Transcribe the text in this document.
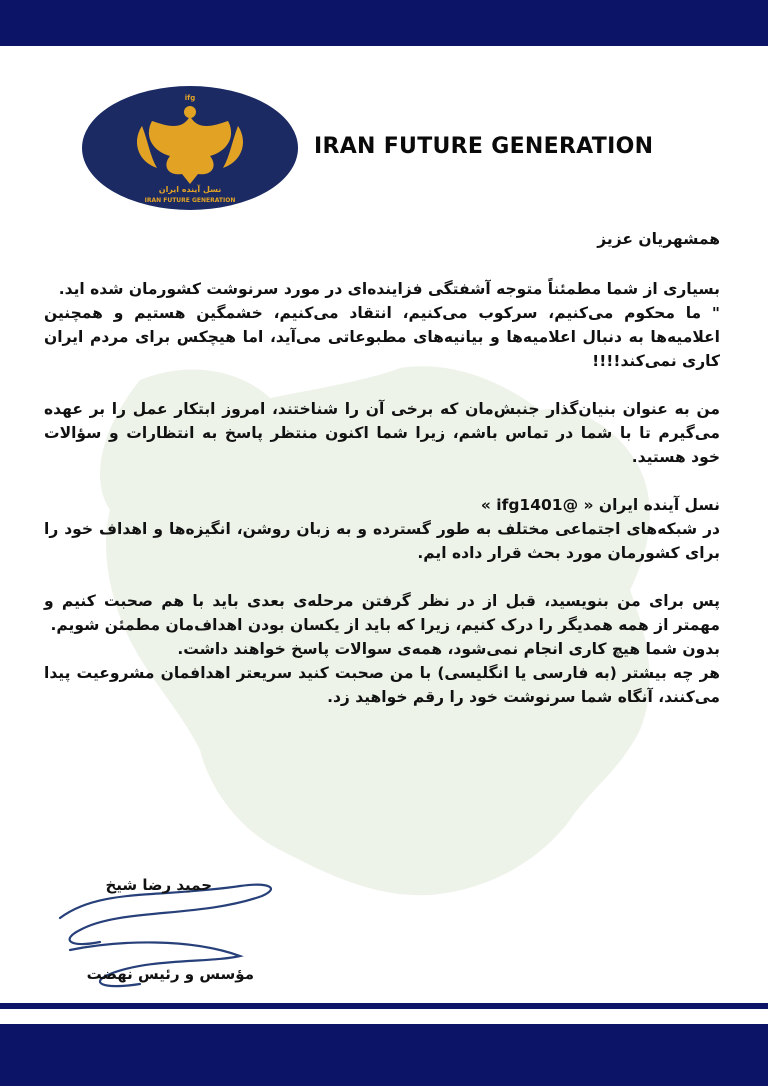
ifg
نسل آینده ایران
IRAN FUTURE GENERATION
IRAN FUTURE GENERATION

همشهریان عزیز

بسیاری از شما مطمئناً متوجه آشفتگی فزاینده‌ای در مورد سرنوشت کشورمان شده اید.

" ما محکوم می‌کنیم، سرکوب می‌کنیم، انتقاد می‌کنیم، خشمگین هستیم و همچنین اعلامیه‌ها به دنبال اعلامیه‌ها و بیانیه‌های مطبوعاتی می‌آید، اما هیچکس برای مردم ایران کاری نمی‌کند!!!!

من به عنوان بنیان‌گذار جنبش‌مان که برخی آن را شناختند، امروز ابتکار عمل را بر عهده می‌گیرم تا با شما در تماس باشم، زیرا شما اکنون منتظر پاسخ به انتظارات و سؤالات خود هستید.

نسل آینده ایران « @ifg1401 »

در شبکه‌های اجتماعی مختلف به طور گسترده و به زبان روشن، انگیزه‌ها و اهداف خود را برای کشورمان مورد بحث قرار داده ایم.

پس برای من بنویسید، قبل از در نظر گرفتن مرحله‌ی بعدی باید با هم صحبت کنیم و مهمتر از همه همدیگر را درک کنیم، زیرا که باید از یکسان بودن اهداف‌مان مطمئن شویم.

بدون شما هیچ کاری انجام نمی‌شود، همه‌ی سوالات پاسخ خواهند داشت.

هر چه بیشتر (به فارسی یا انگلیسی) با من صحبت کنید سریعتر اهدافمان مشروعیت پیدا می‌کنند، آنگاه شما سرنوشت خود را رقم خواهید زد.

حمید رضا شیخ
مؤسس و رئیس نهضت
